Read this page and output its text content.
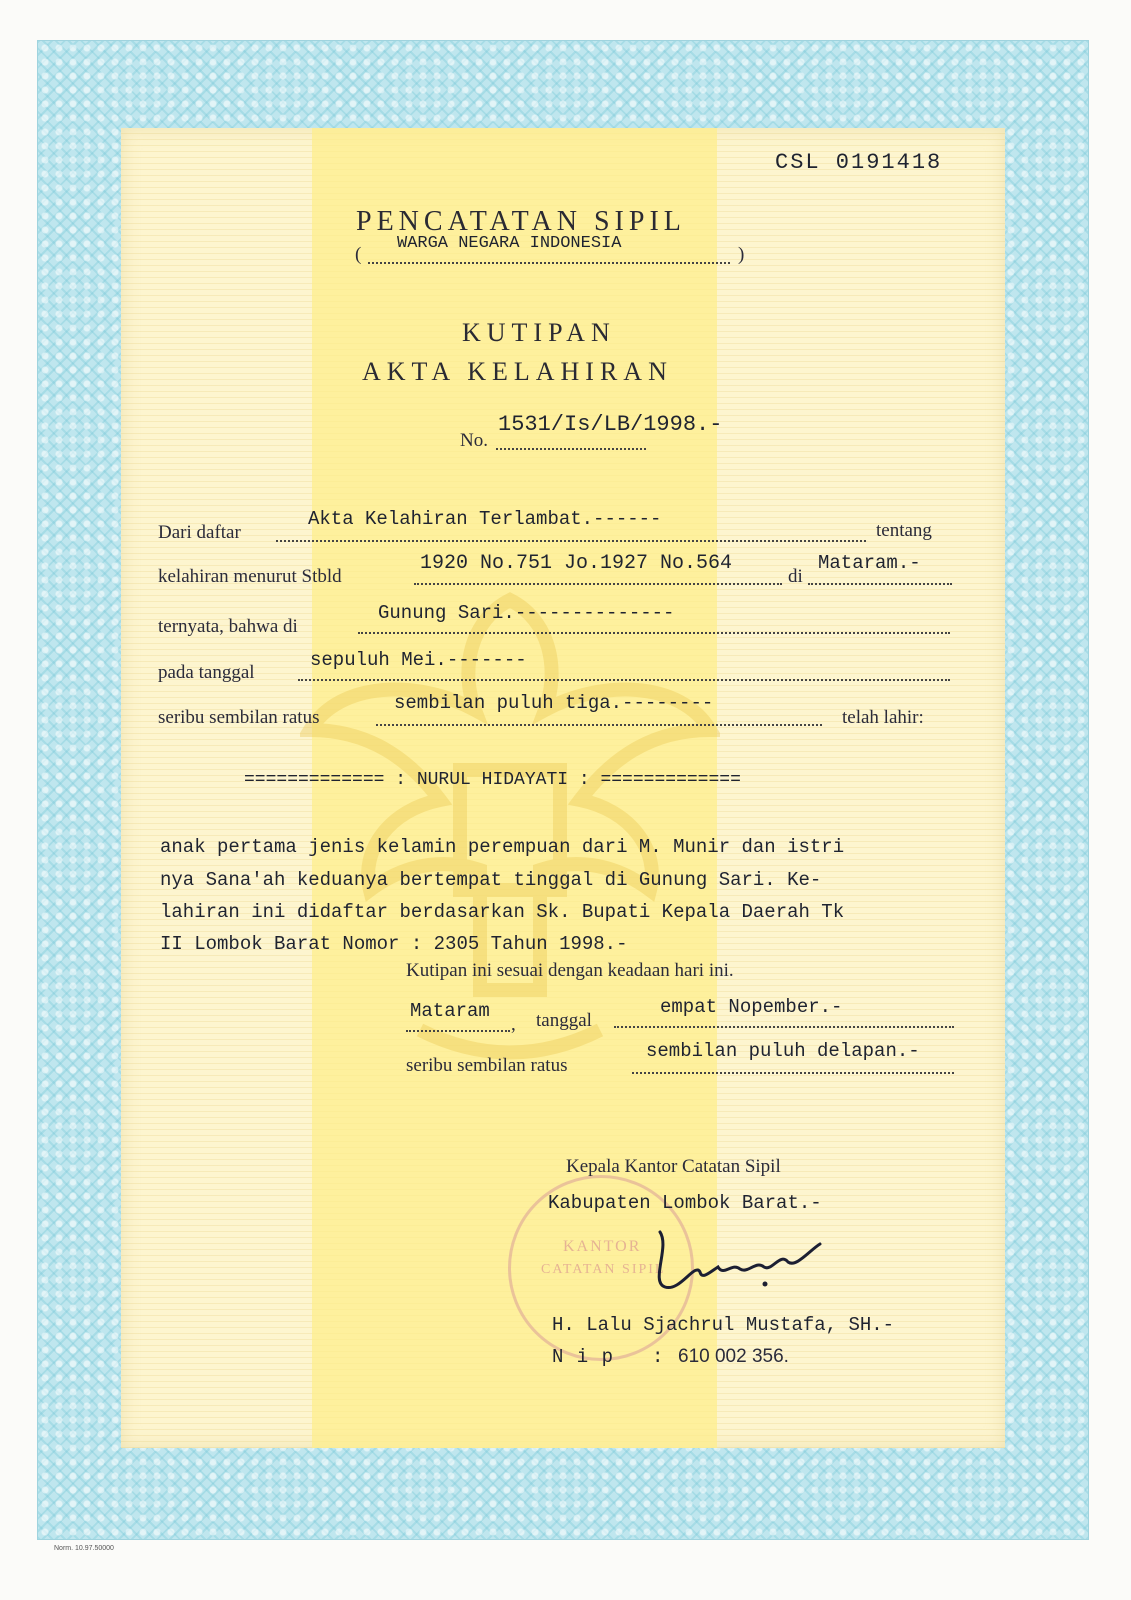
CSL 0191418
PENCATATAN SIPIL
(
WARGA NEGARA INDONESIA
)
KUTIPAN
AKTA KELAHIRAN
No.
1531/Is/LB/1998.-
Dari daftar
Akta Kelahiran Terlambat.------
tentang
kelahiran menurut Stbld
1920 No.751 Jo.1927 No.564
di
Mataram.-
ternyata, bahwa di
Gunung Sari.--------------
pada tanggal
sepuluh Mei.-------
seribu sembilan ratus
sembilan puluh tiga.--------
telah lahir:
============= : NURUL HIDAYATI : =============
anak pertama jenis kelamin perempuan dari M. Munir dan istri
nya Sana'ah keduanya bertempat tinggal di Gunung Sari. Ke-
lahiran ini didaftar berdasarkan Sk. Bupati Kepala Daerah Tk
II Lombok Barat Nomor : 2305 Tahun 1998.-
Kutipan ini sesuai dengan keadaan hari ini.
Mataram
, tanggal
empat Nopember.-
seribu sembilan ratus
sembilan puluh delapan.-
KANTOR
CATATAN SIPIL
Kepala Kantor Catatan Sipil
Kabupaten Lombok Barat.-
H. Lalu Sjachrul Mustafa, SH.-
N i p : 610 002 356.
Norm. 10.97.50000
